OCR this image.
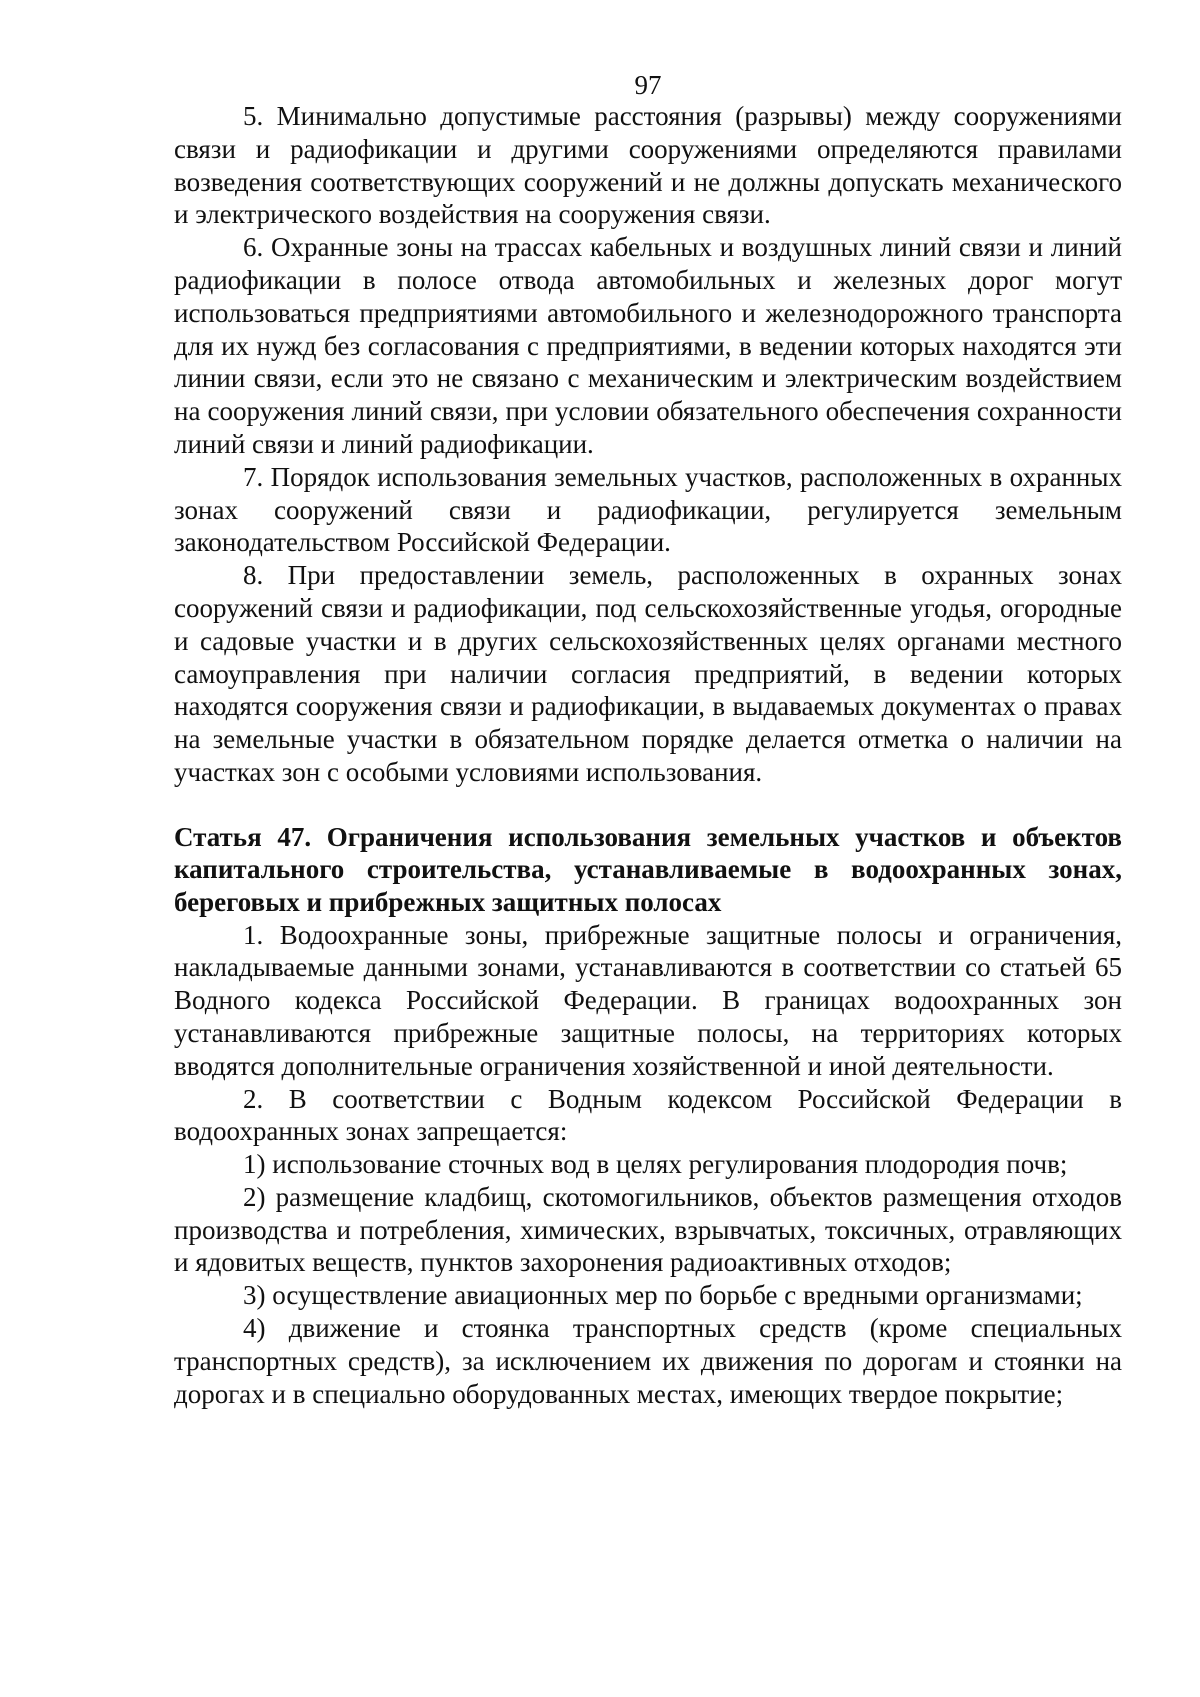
97

5. Минимально допустимые расстояния (разрывы) между сооружениями связи и радиофикации и другими сооружениями определяются правилами возведения соответствующих сооружений и не должны допускать механического и электрического воздействия на сооружения связи.

6. Охранные зоны на трассах кабельных и воздушных линий связи и линий радиофикации в полосе отвода автомобильных и железных дорог могут использоваться предприятиями автомобильного и железнодорожного транспорта для их нужд без согласования с предприятиями, в ведении которых находятся эти линии связи, если это не связано с механическим и электрическим воздействием на сооружения линий связи, при условии обязательного обеспечения сохранности линий связи и линий радиофикации.

7. Порядок использования земельных участков, расположенных в охранных зонах сооружений связи и радиофикации, регулируется земельным законодательством Российской Федерации.

8. При предоставлении земель, расположенных в охранных зонах сооружений связи и радиофикации, под сельскохозяйственные угодья, огородные и садовые участки и в других сельскохозяйственных целях органами местного самоуправления при наличии согласия предприятий, в ведении которых находятся сооружения связи и радиофикации, в выдаваемых документах о правах на земельные участки в обязательном порядке делается отметка о наличии на участках зон с особыми условиями использования.

Статья 47. Ограничения использования земельных участков и объектов капитального строительства, устанавливаемые в водоохранных зонах, береговых и прибрежных защитных полосах

1. Водоохранные зоны, прибрежные защитные полосы и ограничения, накладываемые данными зонами, устанавливаются в соответствии со статьей 65 Водного кодекса Российской Федерации. В границах водоохранных зон устанавливаются прибрежные защитные полосы, на территориях которых вводятся дополнительные ограничения хозяйственной и иной деятельности.

2. В соответствии с Водным кодексом Российской Федерации в водоохранных зонах запрещается:

1) использование сточных вод в целях регулирования плодородия почв;

2) размещение кладбищ, скотомогильников, объектов размещения отходов производства и потребления, химических, взрывчатых, токсичных, отравляющих и ядовитых веществ, пунктов захоронения радиоактивных отходов;

3) осуществление авиационных мер по борьбе с вредными организмами;

4) движение и стоянка транспортных средств (кроме специальных транспортных средств), за исключением их движения по дорогам и стоянки на дорогах и в специально оборудованных местах, имеющих твердое покрытие;
